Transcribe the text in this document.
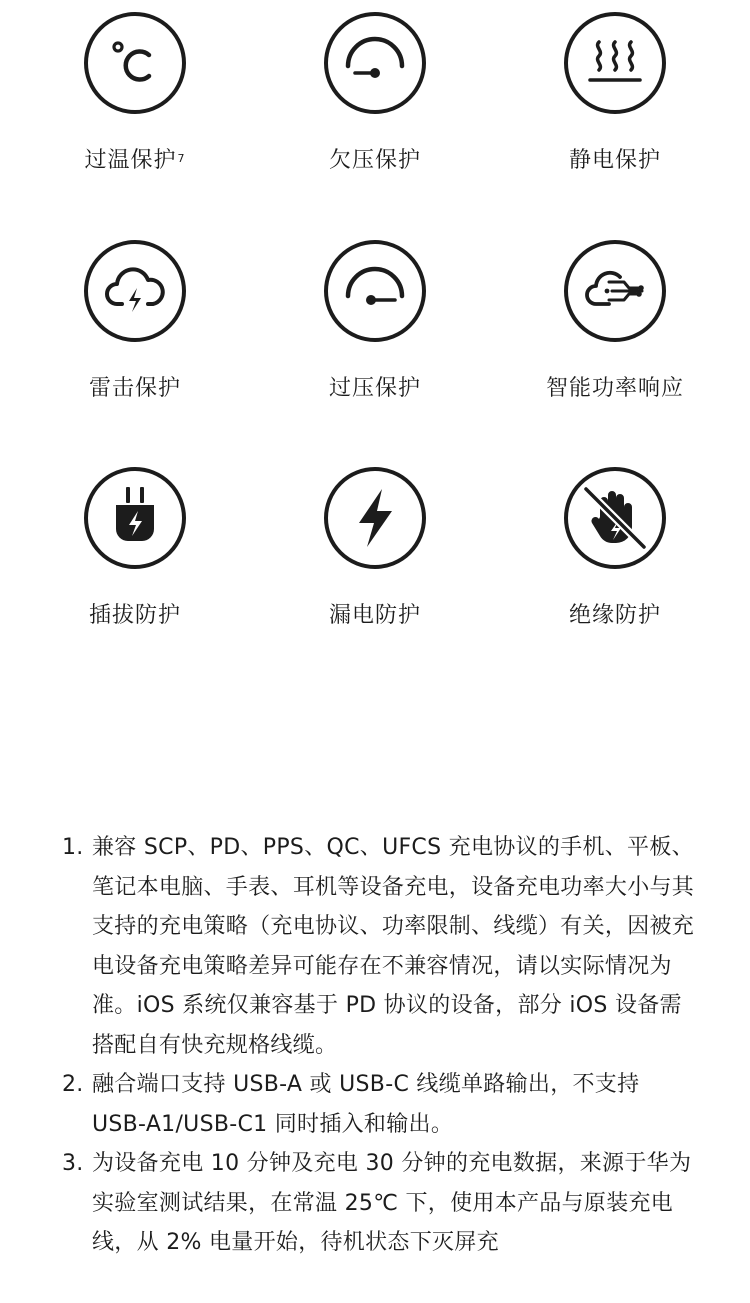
过温保护$^7$	欠压保护	静电保护
雷击保护	过压保护	智能功率响应
插拔防护	漏电防护	绝缘防护
1. 兼容 SCP、PD、PPS、QC、UFCS 充电协议的手机、平板、笔记本电脑、手表、耳机等设备充电，设备充电功率大小与其支持的充电策略（充电协议、功率限制、线缆）有关，因被充电设备充电策略差异可能存在不兼容情况，请以实际情况为准。iOS 系统仅兼容基于 PD 协议的设备，部分 iOS 设备需搭配自有快充规格线缆。
2. 融合端口支持 USB-A 或 USB-C 线缆单路输出，不支持 USB-A1/USB-C1 同时插入和输出。
3. 为设备充电 10 分钟及充电 30 分钟的充电数据，来源于华为实验室测试结果，在常温 25℃ 下，使用本产品与原装充电线，从 2% 电量开始，待机状态下灭屏充
